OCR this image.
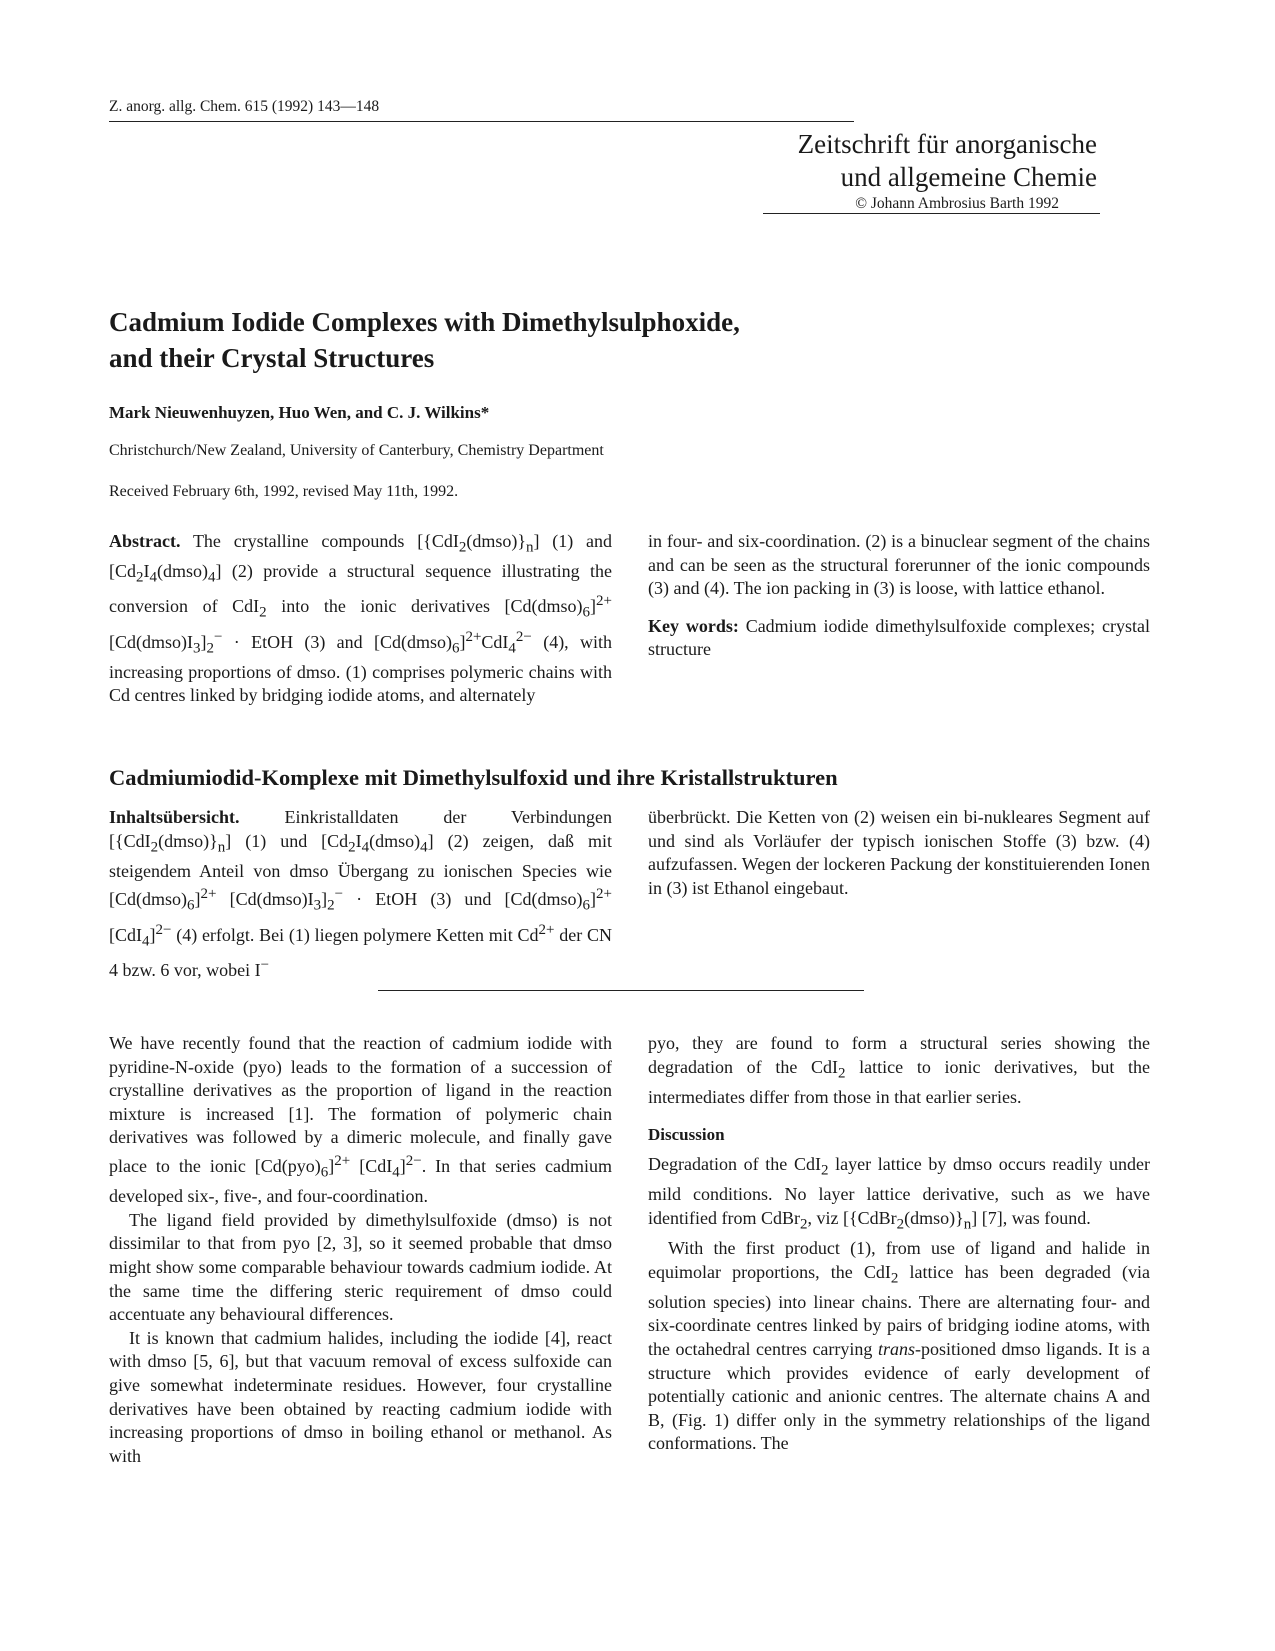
Z. anorg. allg. Chem. 615 (1992) 143—148
Zeitschrift für anorganische
und allgemeine Chemie
© Johann Ambrosius Barth 1992
Cadmium Iodide Complexes with Dimethylsulphoxide,
and their Crystal Structures
Mark Nieuwenhuyzen, Huo Wen, and C. J. Wilkins*
Christchurch/New Zealand, University of Canterbury, Chemistry Department
Received February 6th, 1992, revised May 11th, 1992.

Abstract. The crystalline compounds $[\{CdI_2(dmso)\}_n]$ (1) and $[Cd_2I_4(dmso)_4]$ (2) provide a structural sequence illustrating the conversion of CdI$_2$ into the ionic derivatives $[Cd(dmso)_6]^{2+}$ $[Cd(dmso)I_3]_2^-$ · EtOH (3) and $[Cd(dmso)_6]^{2+}CdI_4^{2-}$ (4), with increasing proportions of dmso. (1) comprises polymeric chains with Cd centres linked by bridging iodide atoms, and alternately

in four- and six-coordination. (2) is a binuclear segment of the chains and can be seen as the structural forerunner of the ionic compounds (3) and (4). The ion packing in (3) is loose, with lattice ethanol.

Key words: Cadmium iodide dimethylsulfoxide complexes; crystal structure

Cadmiumiodid-Komplexe mit Dimethylsulfoxid und ihre Kristallstrukturen

Inhaltsübersicht. Einkristalldaten der Verbindungen $[\{CdI_2(dmso)\}_n]$ (1) und $[Cd_2I_4(dmso)_4]$ (2) zeigen, daß mit steigendem Anteil von dmso Übergang zu ionischen Species wie $[Cd(dmso)_6]^{2+}$ $[Cd(dmso)I_3]_2^-$ · EtOH (3) und $[Cd(dmso)_6]^{2+}[CdI_4]^{2-}$ (4) erfolgt. Bei (1) liegen polymere Ketten mit $Cd^{2+}$ der CN 4 bzw. 6 vor, wobei I−

überbrückt. Die Ketten von (2) weisen ein bi-nukleares Segment auf und sind als Vorläufer der typisch ionischen Stoffe (3) bzw. (4) aufzufassen. Wegen der lockeren Packung der konstituierenden Ionen in (3) ist Ethanol eingebaut.

We have recently found that the reaction of cadmium iodide with pyridine-N-oxide (pyo) leads to the formation of a succession of crystalline derivatives as the proportion of ligand in the reaction mixture is increased [1]. The formation of polymeric chain derivatives was followed by a dimeric molecule, and finally gave place to the ionic $[Cd(pyo)_6]^{2+}$ $[CdI_4]^{2-}$. In that series cadmium developed six-, five-, and four-coordination.

The ligand field provided by dimethylsulfoxide (dmso) is not dissimilar to that from pyo [2, 3], so it seemed probable that dmso might show some comparable behaviour towards cadmium iodide. At the same time the differing steric requirement of dmso could accentuate any behavioural differences.

It is known that cadmium halides, including the iodide [4], react with dmso [5, 6], but that vacuum removal of excess sulfoxide can give somewhat indeterminate residues. However, four crystalline derivatives have been obtained by reacting cadmium iodide with increasing proportions of dmso in boiling ethanol or methanol. As with

pyo, they are found to form a structural series showing the degradation of the CdI$_2$ lattice to ionic derivatives, but the intermediates differ from those in that earlier series.

Discussion

Degradation of the CdI$_2$ layer lattice by dmso occurs readily under mild conditions. No layer lattice derivative, such as we have identified from CdBr$_2$, viz $[\{CdBr_2(dmso)\}_n]$ [7], was found.

With the first product (1), from use of ligand and halide in equimolar proportions, the CdI$_2$ lattice has been degraded (via solution species) into linear chains. There are alternating four- and six-coordinate centres linked by pairs of bridging iodine atoms, with the octahedral centres carrying trans-positioned dmso ligands. It is a structure which provides evidence of early development of potentially cationic and anionic centres. The alternate chains A and B, (Fig. 1) differ only in the symmetry relationships of the ligand conformations. The
